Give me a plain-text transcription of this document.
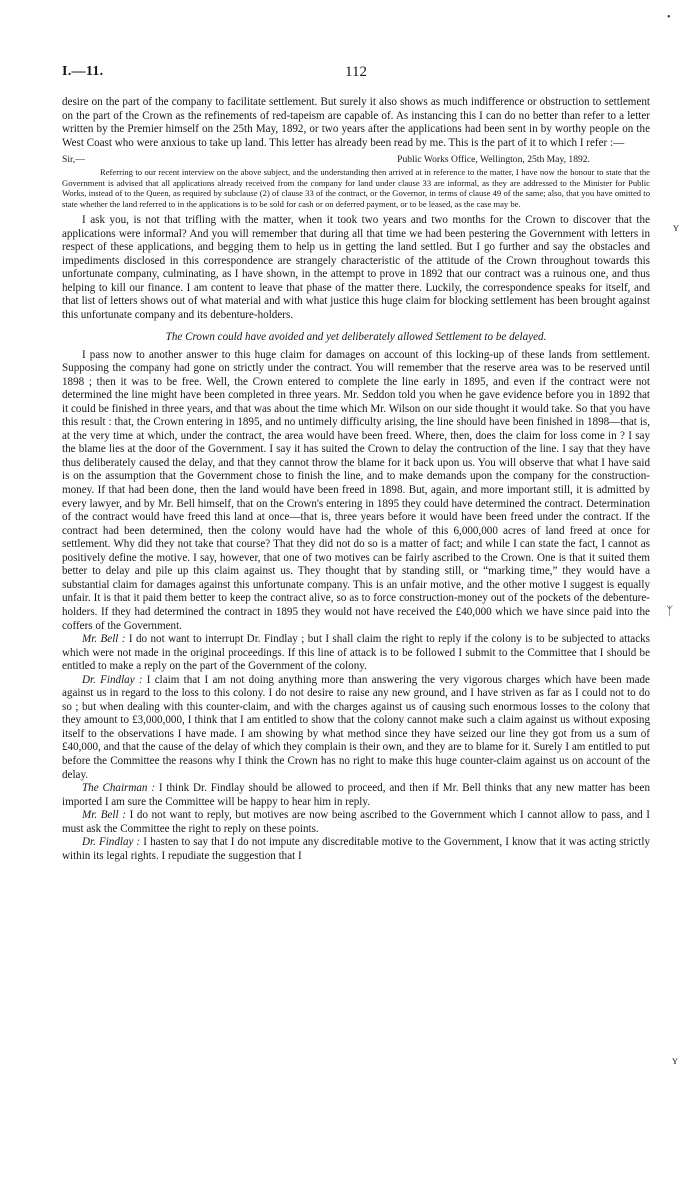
I.—11.	112
•
ʏ
ᛉ
ʏ

desire on the part of the company to facilitate settlement. But surely it also shows as much indifference or obstruction to settlement on the part of the Crown as the refinements of red-tapeism are capable of. As instancing this I can do no better than refer to a letter written by the Premier himself on the 25th May, 1892, or two years after the applications had been sent in by worthy people on the West Coast who were anxious to take up land. This letter has already been read by me. This is the part of it to which I refer :—

Sir,—	Public Works Office, Wellington, 25th May, 1892.
Referring to our recent interview on the above subject, and the understanding then arrived at in reference to the matter, I have now the honour to state that the Government is advised that all applications already received from the company for land under clause 33 are informal, as they are addressed to the Minister for Public Works, instead of to the Queen, as required by subclause (2) of clause 33 of the contract, or the Governor, in terms of clause 49 of the same; also, that you have omitted to state whether the land referred to in the applications is to be sold for cash or on deferred payment, or to be leased, as the case may be.

I ask you, is not that trifling with the matter, when it took two years and two months for the Crown to discover that the applications were informal? And you will remember that during all that time we had been pestering the Government with letters in respect of these applications, and begging them to help us in getting the land settled. But I go further and say the obstacles and impediments disclosed in this correspondence are strangely characteristic of the attitude of the Crown throughout towards this unfortunate company, culminating, as I have shown, in the attempt to prove in 1892 that our contract was a ruinous one, and thus helping to kill our finance. I am content to leave that phase of the matter there. Luckily, the correspondence speaks for itself, and that list of letters shows out of what material and with what justice this huge claim for blocking settlement has been brought against this unfortunate company and its debenture-holders.

The Crown could have avoided and yet deliberately allowed Settlement to be delayed.

I pass now to another answer to this huge claim for damages on account of this locking-up of these lands from settlement. Supposing the company had gone on strictly under the contract. You will remember that the reserve area was to be reserved until 1898 ; then it was to be free. Well, the Crown entered to complete the line early in 1895, and even if the contract were not determined the line might have been completed in three years. Mr. Seddon told you when he gave evidence before you in 1892 that it could be finished in three years, and that was about the time which Mr. Wilson on our side thought it would take. So that you have this result : that, the Crown entering in 1895, and no untimely difficulty arising, the line should have been finished in 1898—that is, at the very time at which, under the contract, the area would have been freed. Where, then, does the claim for loss come in ? I say the blame lies at the door of the Government. I say it has suited the Crown to delay the contruction of the line. I say that they have thus deliberately caused the delay, and that they cannot throw the blame for it back upon us. You will observe that what I have said is on the assumption that the Government chose to finish the line, and to make demands upon the company for the construction-money. If that had been done, then the land would have been freed in 1898. But, again, and more important still, it is admitted by every lawyer, and by Mr. Bell himself, that on the Crown's entering in 1895 they could have determined the contract. Determination of the contract would have freed this land at once—that is, three years before it would have been freed under the contract. If the contract had been determined, then the colony would have had the whole of this 6,000,000 acres of land freed at once for settlement. Why did they not take that course? That they did not do so is a matter of fact; and while I can state the fact, I cannot as positively define the motive. I say, however, that one of two motives can be fairly ascribed to the Crown. One is that it suited them better to delay and pile up this claim against us. They thought that by standing still, or “marking time,” they would have a substantial claim for damages against this unfortunate company. This is an unfair motive, and the other motive I suggest is equally unfair. It is that it paid them better to keep the contract alive, so as to force construction-money out of the pockets of the debenture-holders. If they had determined the contract in 1895 they would not have received the £40,000 which we have since paid into the coffers of the Government.

Mr. Bell : I do not want to interrupt Dr. Findlay ; but I shall claim the right to reply if the colony is to be subjected to attacks which were not made in the original proceedings. If this line of attack is to be followed I submit to the Committee that I should be entitled to make a reply on the part of the Government of the colony.

Dr. Findlay : I claim that I am not doing anything more than answering the very vigorous charges which have been made against us in regard to the loss to this colony. I do not desire to raise any new ground, and I have striven as far as I could not to do so ; but when dealing with this counter-claim, and with the charges against us of causing such enormous losses to the colony that they amount to £3,000,000, I think that I am entitled to show that the colony cannot make such a claim against us without exposing itself to the observations I have made. I am showing by what method since they have seized our line they got from us a sum of £40,000, and that the cause of the delay of which they complain is their own, and they are to blame for it. Surely I am entitled to put before the Committee the reasons why I think the Crown has no right to make this huge counter-claim against us on account of the delay.

The Chairman : I think Dr. Findlay should be allowed to proceed, and then if Mr. Bell thinks that any new matter has been imported I am sure the Committee will be happy to hear him in reply.

Mr. Bell : I do not want to reply, but motives are now being ascribed to the Government which I cannot allow to pass, and I must ask the Committee the right to reply on these points.

Dr. Findlay : I hasten to say that I do not impute any discreditable motive to the Government, I know that it was acting strictly within its legal rights. I repudiate the suggestion that I
